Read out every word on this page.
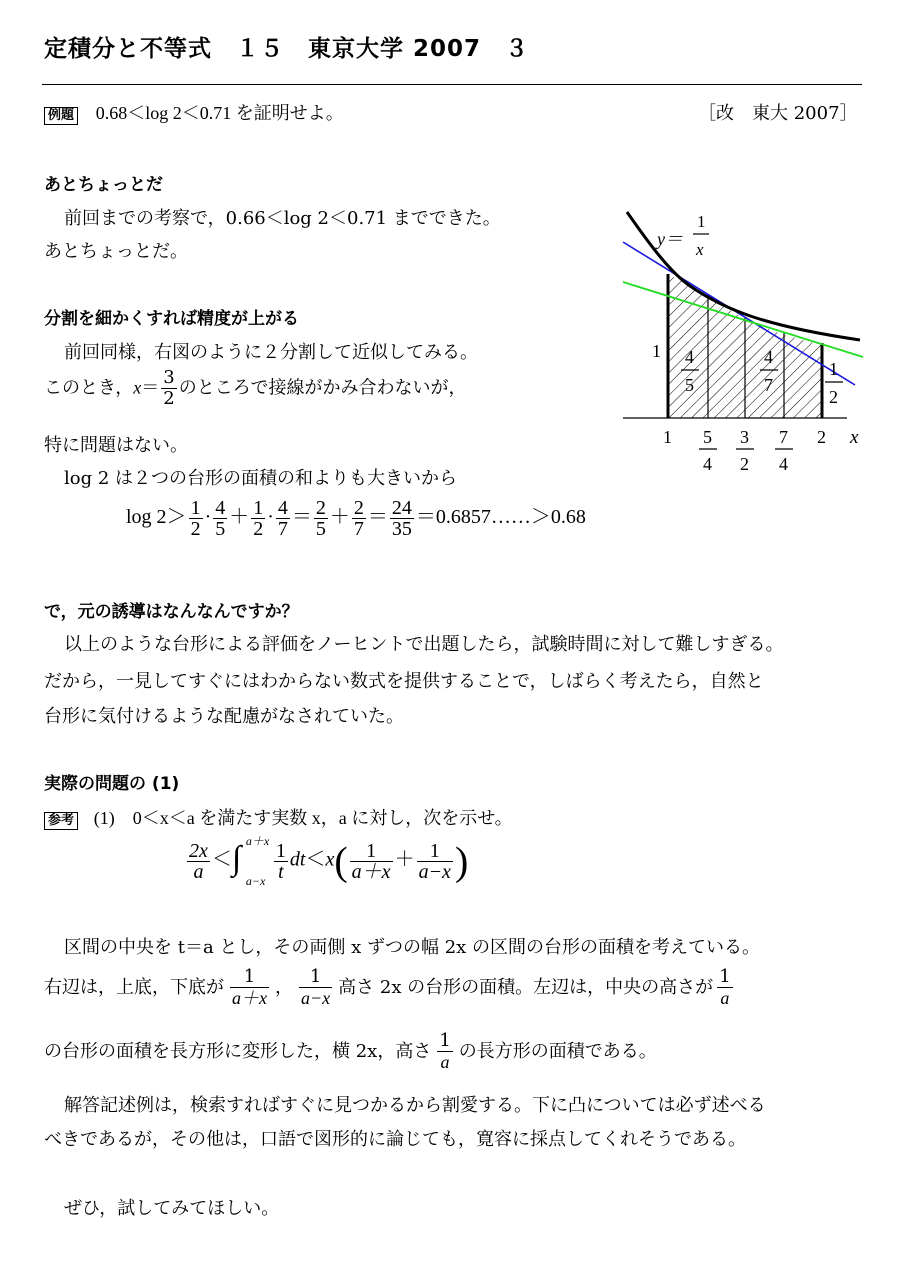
定積分と不等式　１５　東京大学 2007　３
例題 0.68＜log 2＜0.71 を証明せよ。	［改　東大 2007］
あとちょっとだ
前回までの考察で，0.66＜log 2＜0.71 までできた。
あとちょっとだ。
分割を細かくすれば精度が上がる
前回同様，右図のように２分割して近似してみる。
このとき，$x= \frac{3}{2}$ のところで接線がかみ合わないが，
特に問題はない。
log 2 は２つの台形の面積の和よりも大きいから
$\log 2> \frac{1}{2} \cdot \frac{4}{5} + \frac{1}{2} \cdot \frac{4}{7} = \frac{2}{5} + \frac{2}{7} = \frac{24}{35}$ ＝0.6857……＞0.68
y＝
1
x
1 4
5
4
7
1
2
1 5
4
3
2
7
4
2 x
で，元の誘導はなんなんですか？
以上のような台形による評価をノーヒントで出題したら，試験時間に対して難しすぎる。
だから，一見してすぐにはわからない数式を提供することで，しばらく考えたら，自然と
台形に気付けるような配慮がなされていた。
実際の問題の (1)
参考 (1)　0＜x＜a を満たす実数 x，a に対し，次を示せ。
$\frac{2x}{a}$ ＜ ∫ a＋x
$a-x \frac{1}{t} dt<x( \frac{1}{a+x} + \frac{1}{a-x}$ )
区間の中央を t＝a とし，その両側 x ずつの幅 2x の区間の台形の面積を考えている。
右辺は，上底，下底が $\frac{1}{a+x}$ ， $\frac{1}{a-x}$ 高さ 2x の台形の面積。左辺は，中央の高さが $\frac{1}{a}$
の台形の面積を長方形に変形した，横 2x，高さ $\frac{1}{a}$ の長方形の面積である。
解答記述例は，検索すればすぐに見つかるから割愛する。下に凸については必ず述べる
べきであるが，その他は，口語で図形的に論じても，寛容に採点してくれそうである。
ぜひ，試してみてほしい。
